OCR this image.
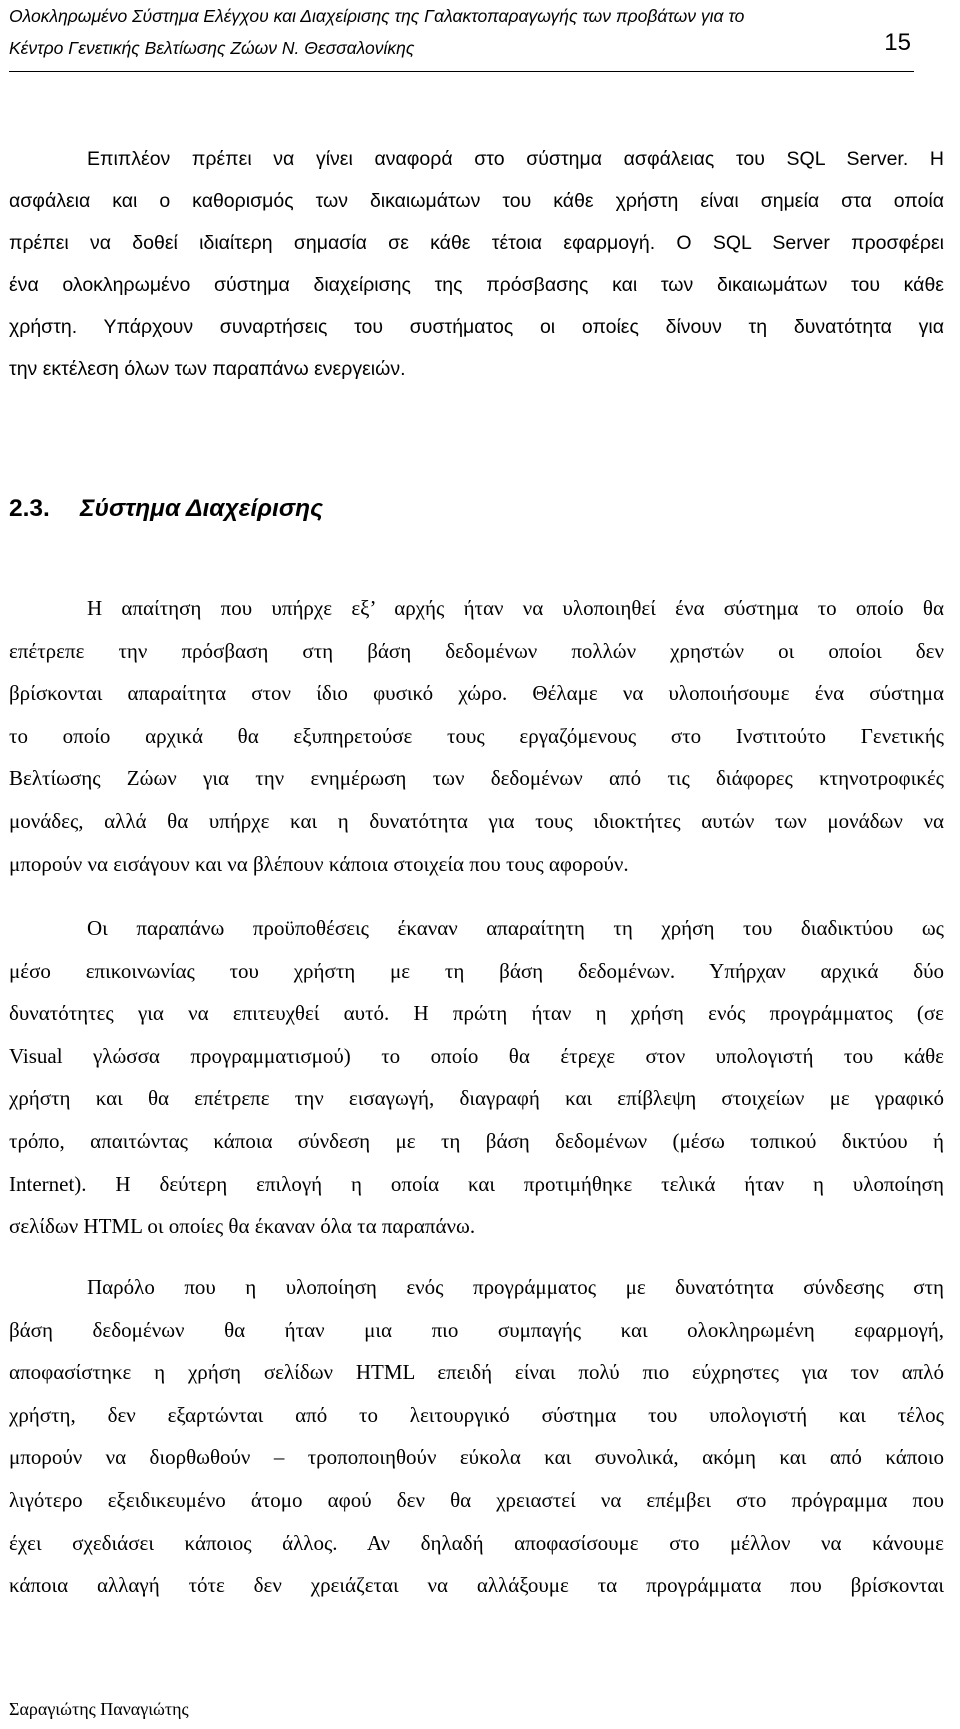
Ολοκληρωμένο Σύστημα Ελέγχου και Διαχείρισης της Γαλακτοπαραγωγής των προβάτων για το
Κέντρο Γενετικής Βελτίωσης Ζώων Ν. Θεσσαλονίκης	15
Επιπλέον πρέπει να γίνει αναφορά στο σύστημα ασφάλειας του SQL Server. Η
ασφάλεια και ο καθορισμός των δικαιωμάτων του κάθε χρήστη είναι σημεία στα οποία
πρέπει να δοθεί ιδιαίτερη σημασία σε κάθε τέτοια εφαρμογή. Ο SQL Server προσφέρει
ένα ολοκληρωμένο σύστημα διαχείρισης της πρόσβασης και των δικαιωμάτων του κάθε
χρήστη. Υπάρχουν συναρτήσεις του συστήματος οι οποίες δίνουν τη δυνατότητα για
την εκτέλεση όλων των παραπάνω ενεργειών.
2.3. Σύστημα Διαχείρισης
Η απαίτηση που υπήρχε εξ’ αρχής ήταν να υλοποιηθεί ένα σύστημα το οποίο θα
επέτρεπε την πρόσβαση στη βάση δεδομένων πολλών χρηστών οι οποίοι δεν
βρίσκονται απαραίτητα στον ίδιο φυσικό χώρο. Θέλαμε να υλοποιήσουμε ένα σύστημα
το οποίο αρχικά θα εξυπηρετούσε τους εργαζόμενους στο Ινστιτούτο Γενετικής
Βελτίωσης Ζώων για την ενημέρωση των δεδομένων από τις διάφορες κτηνοτροφικές
μονάδες, αλλά θα υπήρχε και η δυνατότητα για τους ιδιοκτήτες αυτών των μονάδων να
μπορούν να εισάγουν και να βλέπουν κάποια στοιχεία που τους αφορούν.
Οι παραπάνω προϋποθέσεις έκαναν απαραίτητη τη χρήση του διαδικτύου ως
μέσο επικοινωνίας του χρήστη με τη βάση δεδομένων. Υπήρχαν αρχικά δύο
δυνατότητες για να επιτευχθεί αυτό. Η πρώτη ήταν η χρήση ενός προγράμματος (σε
Visual γλώσσα προγραμματισμού) το οποίο θα έτρεχε στον υπολογιστή του κάθε
χρήστη και θα επέτρεπε την εισαγωγή, διαγραφή και επίβλεψη στοιχείων με γραφικό
τρόπο, απαιτώντας κάποια σύνδεση με τη βάση δεδομένων (μέσω τοπικού δικτύου ή
Internet). Η δεύτερη επιλογή η οποία και προτιμήθηκε τελικά ήταν η υλοποίηση
σελίδων HTML οι οποίες θα έκαναν όλα τα παραπάνω.
Παρόλο που η υλοποίηση ενός προγράμματος με δυνατότητα σύνδεσης στη
βάση δεδομένων θα ήταν μια πιο συμπαγής και ολοκληρωμένη εφαρμογή,
αποφασίστηκε η χρήση σελίδων HTML επειδή είναι πολύ πιο εύχρηστες για τον απλό
χρήστη, δεν εξαρτώνται από το λειτουργικό σύστημα του υπολογιστή και τέλος
μπορούν να διορθωθούν – τροποποιηθούν εύκολα και συνολικά, ακόμη και από κάποιο
λιγότερο εξειδικευμένο άτομο αφού δεν θα χρειαστεί να επέμβει στο πρόγραμμα που
έχει σχεδιάσει κάποιος άλλος. Αν δηλαδή αποφασίσουμε στο μέλλον να κάνουμε
κάποια αλλαγή τότε δεν χρειάζεται να αλλάξουμε τα προγράμματα που βρίσκονται
Σαραγιώτης Παναγιώτης
